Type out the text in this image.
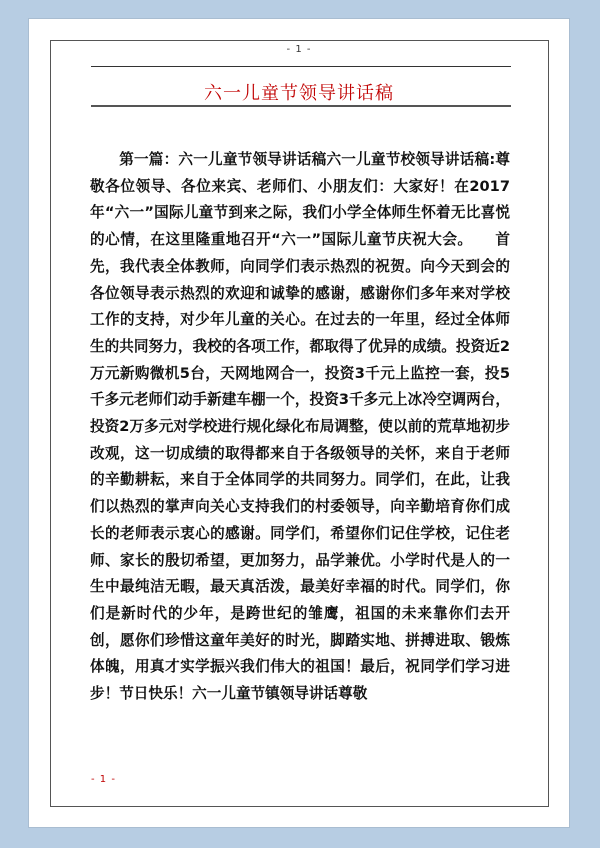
- 1 -
六一儿童节领导讲话稿

第一篇：六一儿童节领导讲话稿六一儿童节校领导讲话稿:尊敬各位领导、各位来宾、老师们、小朋友们：大家好！在2017年“六一”国际儿童节到来之际，我们小学全体师生怀着无比喜悦的心情，在这里隆重地召开“六一”国际儿童节庆祝大会。　　首先，我代表全体教师，向同学们表示热烈的祝贺。向今天到会的各位领导表示热烈的欢迎和诚挚的感谢，感谢你们多年来对学校工作的支持，对少年儿童的关心。在过去的一年里，经过全体师生的共同努力，我校的各项工作，都取得了优异的成绩。投资近2万元新购微机5台，天网地网合一，投资3千元上监控一套，投5千多元老师们动手新建车棚一个，投资3千多元上冰冷空调两台，投资2万多元对学校进行规化绿化布局调整，使以前的荒草地初步改观，这一切成绩的取得都来自于各级领导的关怀，来自于老师的辛勤耕耘，来自于全体同学的共同努力。同学们，在此，让我们以热烈的掌声向关心支持我们的村委领导，向辛勤培育你们成长的老师表示衷心的感谢。同学们，希望你们记住学校，记住老师、家长的殷切希望，更加努力，品学兼优。小学时代是人的一生中最纯洁无暇，最天真活泼，最美好幸福的时代。同学们，你们是新时代的少年，是跨世纪的雏鹰，祖国的未来靠你们去开创，愿你们珍惜这童年美好的时光，脚踏实地、拼搏进取、锻炼体魄，用真才实学振兴我们伟大的祖国！最后，祝同学们学习进步！节日快乐！六一儿童节镇领导讲话尊敬

- 1 -
